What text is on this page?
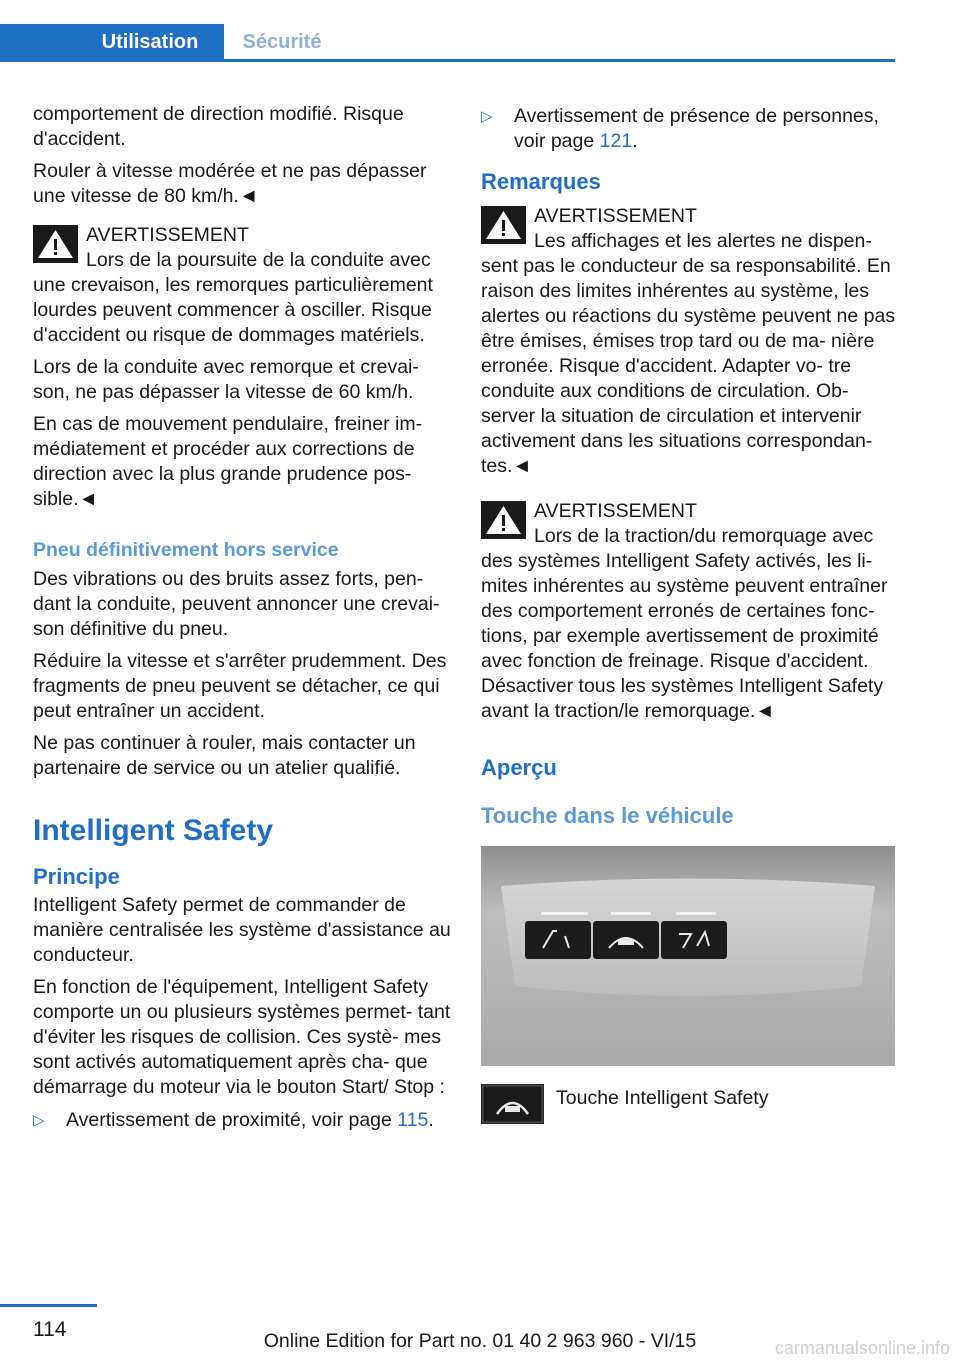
Utilisation	Sécurité

comportement de direction modifié. Risque d'accident.

Rouler à vitesse modérée et ne pas dépasser une vitesse de 80 km/h.◄

AVERTISSEMENT
Lors de la poursuite de la conduite avec une crevaison, les remorques particulièrement lourdes peuvent commencer à osciller. Risque d'accident ou risque de dommages matériels.

Lors de la conduite avec remorque et crevai‐ son, ne pas dépasser la vitesse de 60 km/h.

En cas de mouvement pendulaire, freiner im‐ médiatement et procéder aux corrections de direction avec la plus grande prudence pos‐ sible.◄

Pneu définitivement hors service

Des vibrations ou des bruits assez forts, pen‐ dant la conduite, peuvent annoncer une crevai‐ son définitive du pneu.

Réduire la vitesse et s'arrêter prudemment. Des fragments de pneu peuvent se détacher, ce qui peut entraîner un accident.

Ne pas continuer à rouler, mais contacter un partenaire de service ou un atelier qualifié.

Intelligent Safety
Principe

Intelligent Safety permet de commander de manière centralisée les système d'assistance au conducteur.

En fonction de l'équipement, Intelligent Safety comporte un ou plusieurs systèmes permet‐ tant d'éviter les risques de collision. Ces systè‐ mes sont activés automatiquement après cha‐ que démarrage du moteur via le bouton Start/ Stop :

▷	Avertissement de proximité, voir page 115.
▷	Avertissement de présence de personnes, voir page 121.
Remarques
AVERTISSEMENT
Les affichages et les alertes ne dispen‐ sent pas le conducteur de sa responsabilité. En raison des limites inhérentes au système, les alertes ou réactions du système peuvent ne pas être émises, émises trop tard ou de ma‐ nière erronée. Risque d'accident. Adapter vo‐ tre conduite aux conditions de circulation. Ob‐ server la situation de circulation et intervenir activement dans les situations correspondan‐ tes.◄
AVERTISSEMENT
Lors de la traction/du remorquage avec des systèmes Intelligent Safety activés, les li‐ mites inhérentes au système peuvent entraîner des comportement erronés de certaines fonc‐ tions, par exemple avertissement de proximité avec fonction de freinage. Risque d'accident. Désactiver tous les systèmes Intelligent Safety avant la traction/le remorquage.◄
Aperçu
Touche dans le véhicule
Touche Intelligent Safety
114	Online Edition for Part no. 01 40 2 963 960 - VI/15	carmanualsonline.info
